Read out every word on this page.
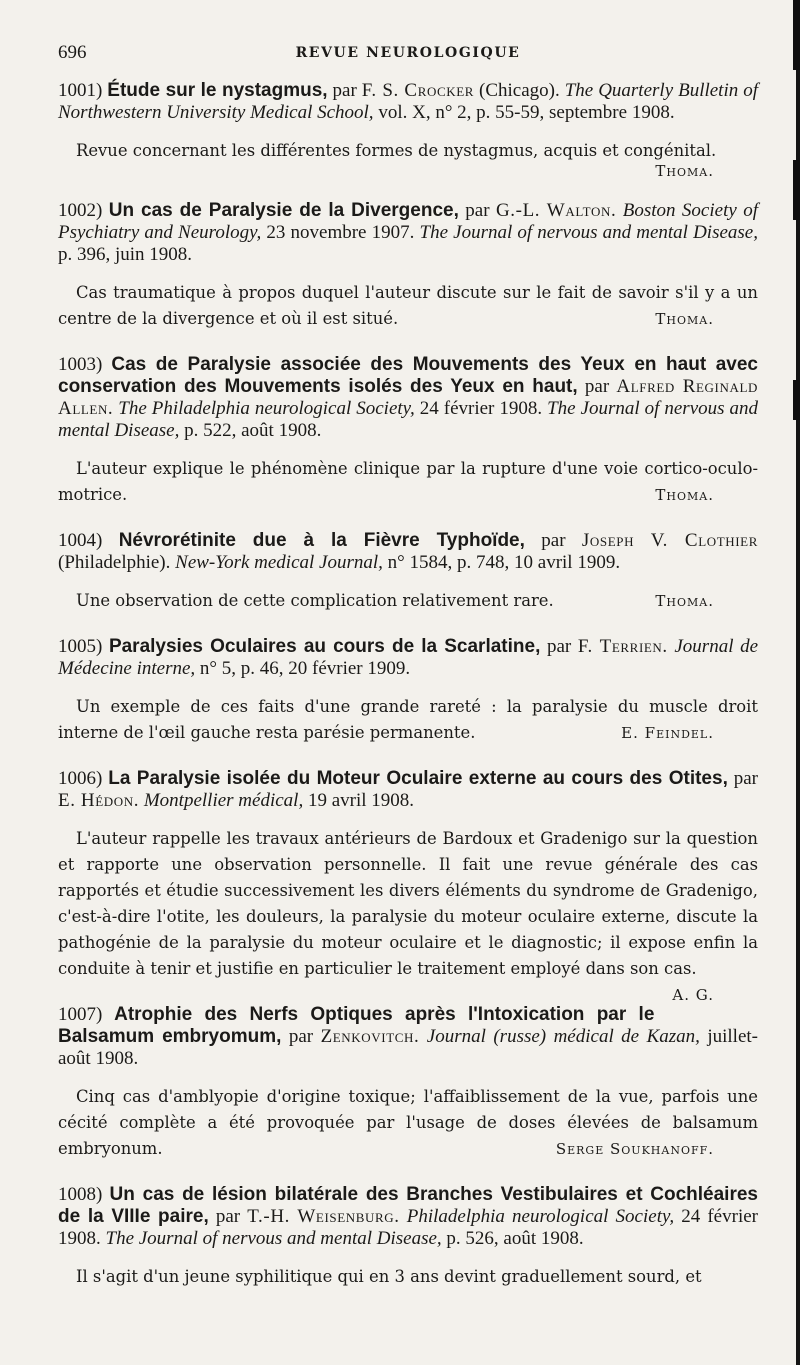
696	REVUE NEUROLOGIQUE

1001) Étude sur le nystagmus, par F. S. Crocker (Chicago). The Quarterly Bulletin of Northwestern University Medical School, vol. X, n° 2, p. 55-59, septembre 1908.

Revue concernant les différentes formes de nystagmus, acquis et congénital.

Thoma.

1002) Un cas de Paralysie de la Divergence, par G.-L. Walton. Boston Society of Psychiatry and Neurology, 23 novembre 1907. The Journal of nervous and mental Disease, p. 396, juin 1908.

Cas traumatique à propos duquel l'auteur discute sur le fait de savoir s'il y a un centre de la divergence et où il est situé.	Thoma.

1003) Cas de Paralysie associée des Mouvements des Yeux en haut avec conservation des Mouvements isolés des Yeux en haut, par Alfred Reginald Allen. The Philadelphia neurological Society, 24 février 1908. The Journal of nervous and mental Disease, p. 522, août 1908.

L'auteur explique le phénomène clinique par la rupture d'une voie cortico-oculo-motrice.	Thoma.

1004) Névrorétinite due à la Fièvre Typhoïde, par Joseph V. Clothier (Philadelphie). New-York medical Journal, n° 1584, p. 748, 10 avril 1909.

Une observation de cette complication relativement rare.	Thoma.

1005) Paralysies Oculaires au cours de la Scarlatine, par F. Terrien. Journal de Médecine interne, n° 5, p. 46, 20 février 1909.

Un exemple de ces faits d'une grande rareté : la paralysie du muscle droit interne de l'œil gauche resta parésie permanente.	E. Feindel.

1006) La Paralysie isolée du Moteur Oculaire externe au cours des Otites, par E. Hédon. Montpellier médical, 19 avril 1908.

L'auteur rappelle les travaux antérieurs de Bardoux et Gradenigo sur la question et rapporte une observation personnelle. Il fait une revue générale des cas rapportés et étudie successivement les divers éléments du syndrome de Gradenigo, c'est-à-dire l'otite, les douleurs, la paralysie du moteur oculaire externe, discute la pathogénie de la paralysie du moteur oculaire et le diagnostic; il expose enfin la conduite à tenir et justifie en particulier le traitement employé dans son cas.
A. G.

1007) Atrophie des Nerfs Optiques après l'Intoxication par le Balsamum embryomum, par Zenkovitch. Journal (russe) médical de Kazan, juillet-août 1908.

Cinq cas d'amblyopie d'origine toxique; l'affaiblissement de la vue, parfois une cécité complète a été provoquée par l'usage de doses élevées de balsamum embryonum.	Serge Soukhanoff.

1008) Un cas de lésion bilatérale des Branches Vestibulaires et Cochléaires de la VIIIe paire, par T.-H. Weisenburg. Philadelphia neurological Society, 24 février 1908. The Journal of nervous and mental Disease, p. 526, août 1908.

Il s'agit d'un jeune syphilitique qui en 3 ans devint graduellement sourd, et
